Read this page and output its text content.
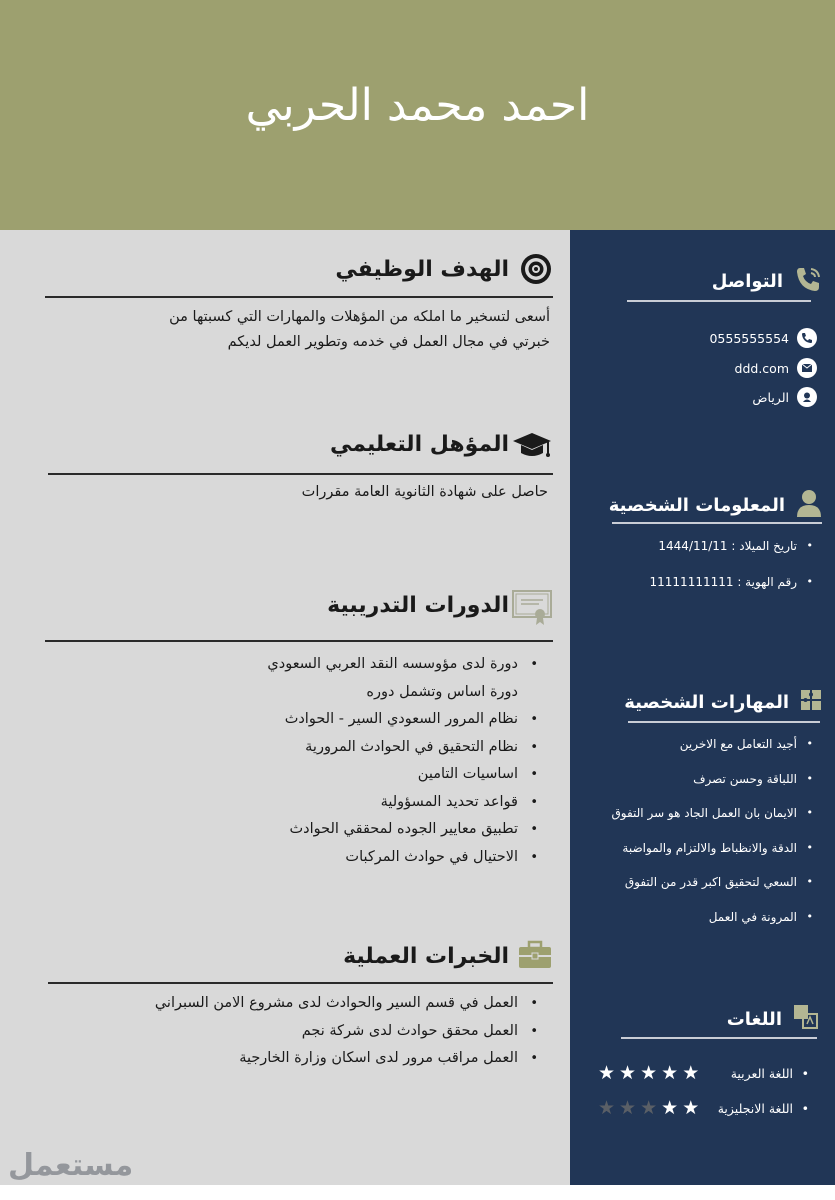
احمد محمد الحربي
الهدف الوظيفي
أسعى لتسخير ما املكه من المؤهلات والمهارات التي كسبتها من
خبرتي في مجال العمل في خدمه وتطوير العمل لديكم
المؤهل التعليمي
حاصل على شهادة الثانوية العامة مقررات
الدورات التدريبية
• دورة لدى مؤوسسه النقد العربي السعودي
دورة اساس وتشمل دوره
• نظام المرور السعودي السير - الحوادث
• نظام التحقيق في الحوادث المرورية
• اساسيات التامين
• قواعد تحديد المسؤولية
• تطبيق معايير الجوده لمحققي الحوادث
• الاحتيال في حوادث المركبات
الخبرات العملية
• العمل في قسم السير والحوادث لدى مشروع الامن السبراني
• العمل محقق حوادث لدى شركة نجم
• العمل مراقب مرور لدى اسكان وزارة الخارجية
التواصل
0555555554
ddd.com
الرياض
المعلومات الشخصية
• تاريخ الميلاد : 1444/11/11
• رقم الهوية : 11111111111
المهارات الشخصية
• أجيد التعامل مع الاخرين
• اللباقة وحسن تصرف
• الايمان بان العمل الجاد هو سر التفوق
• الدقة والانظباط والالتزام والمواضبة
• السعي لتحقيق اكبر قدر من التفوق
• المرونة في العمل
اللغات
• اللغة العربية
★ ★ ★ ★ ★
• اللغة الانجليزية
★ ★ ★ ★ ★
مستعمل
